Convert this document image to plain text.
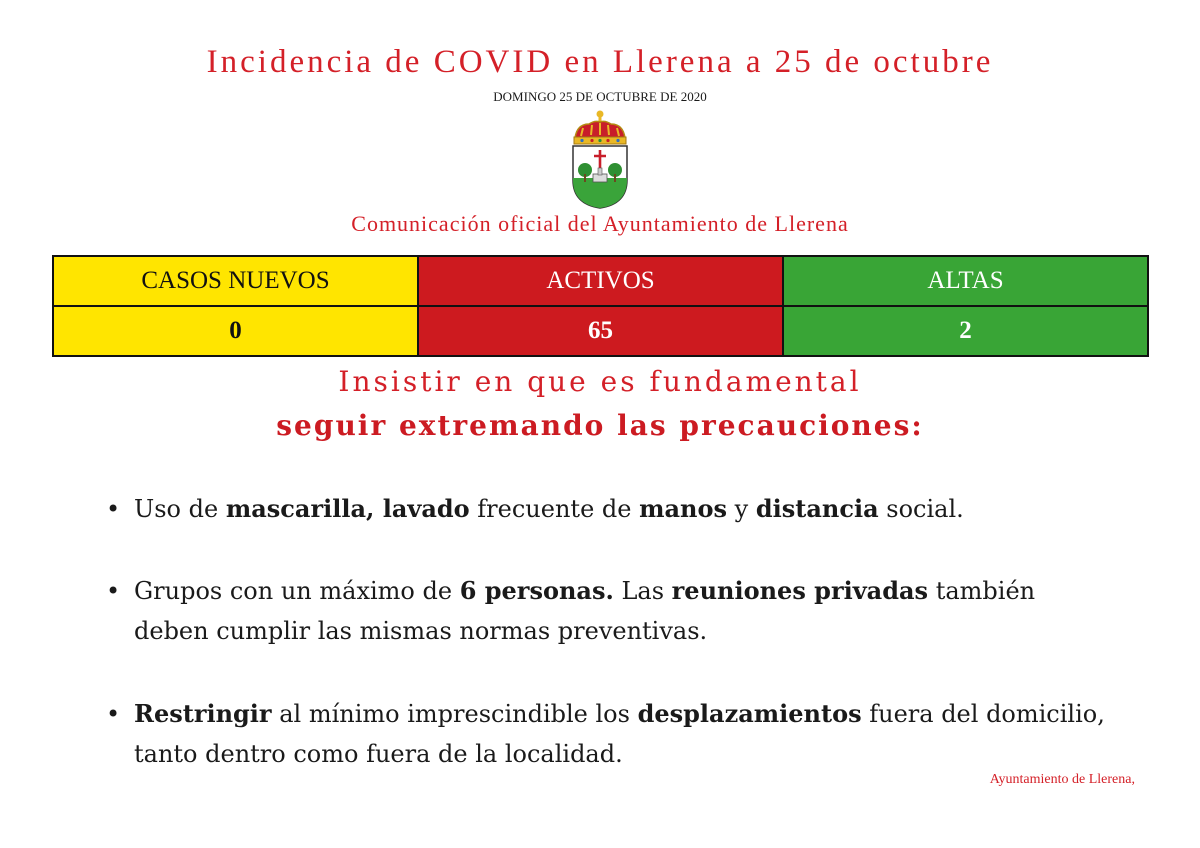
Incidencia de COVID en Llerena a 25 de octubre
DOMINGO 25 DE OCTUBRE DE 2020
Comunicación oficial del Ayuntamiento de Llerena
CASOS NUEVOS	ACTIVOS	ALTAS
0	65	2
Insistir en que es fundamental
seguir extremando las precauciones:
• Uso de mascarilla, lavado frecuente de manos y distancia social.
• Grupos con un máximo de 6 personas. Las reuniones privadas también deben cumplir las mismas normas preventivas.
• Restringir al mínimo imprescindible los desplazamientos fuera del domicilio, tanto dentro como fuera de la localidad.
Ayuntamiento de Llerena,
